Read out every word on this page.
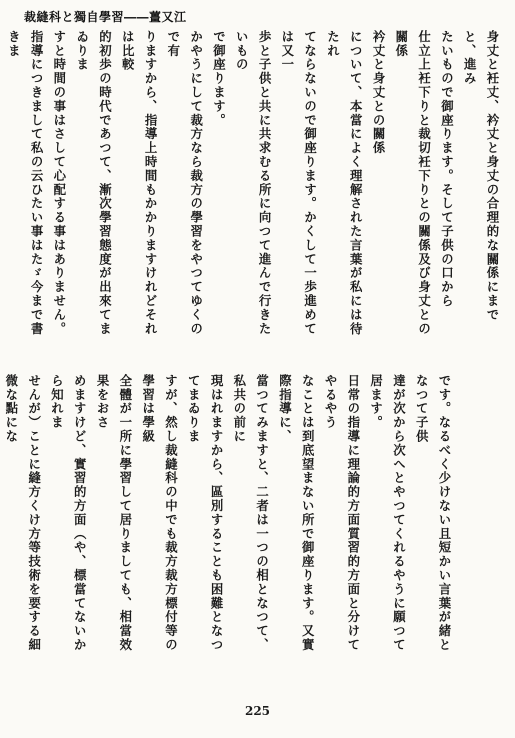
裁縫科と獨自學習――薑又江

身丈と衽丈、衿丈と身丈の合理的な關係にまでと、進み

たいもので御座ります。そして子供の口から

仕立上衽下りと裁切衽下りとの關係及び身丈との關係

衿丈と身丈との關係

について、本當によく理解された言葉が私には待たれ

てならないので御座ります。かくして一歩進めては又一

歩と子供と共に共求むる所に向つて進んで行きたいもの

で御座ります。

かやうにして裁方なら裁方の學習をやつてゆくので有

りますから、指導上時間もかかりますけれどそれは比較

的初歩の時代であつて、漸次學習態度が出來てまゐりま

すと時間の事はさして心配する事はありません。

指導につきまして私の云ひたい事はたゞ今まで書きま

です。なるべく少けない且短かい言葉が緒となつて子供

達が次から次へとやつてくれるやうに願つて居ます。

日常の指導に理論的方面質習的方面と分けてやるやう

なことは到底望まない所で御座ります。又實際指導に、

當つてみますと、二者は一つの相となつて、私共の前に

現はれますから、區別することも困難となつてまゐりま

すが、然し裁縫科の中でも裁方裁方標付等の學習は學級

全體が一所に學習して居りましても、相當效果をおさ

めますけど、實習的方面（や、標當てないから知れま

せんが）ことに縫方くけ方等技術を要する細微な點にな

225
